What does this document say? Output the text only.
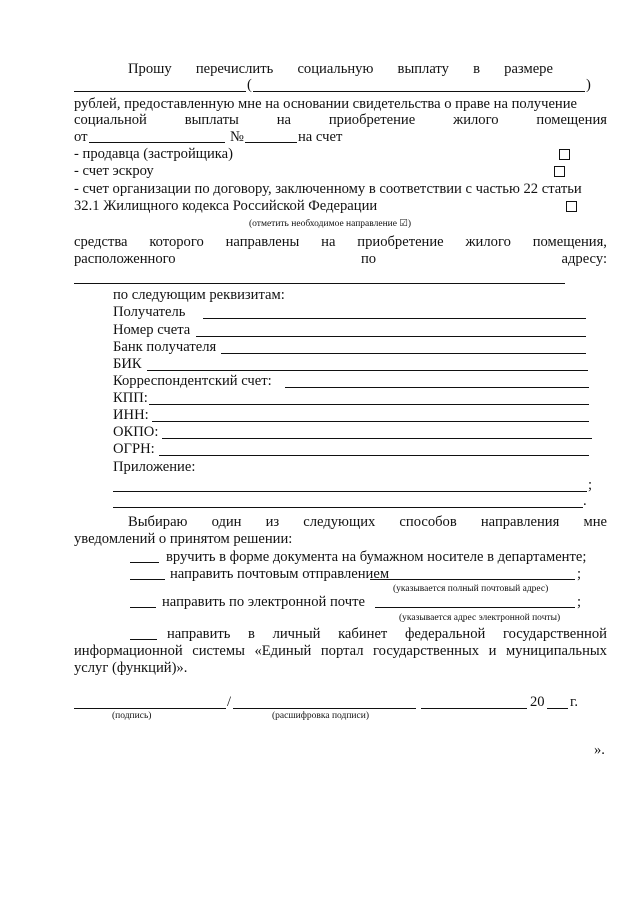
Прошу перечислить социальную выплату в размере
(	)
рублей, предоставленную мне на основании свидетельства о праве на получение
социальной	выплаты	на	приобретение	жилого	помещения
от	№	на счет
- продавца (застройщика)
- счет эскроу
- счет организации по договору, заключенному в соответствии с частью 22 статьи
32.1 Жилищного кодекса Российской Федерации
(отметить необходимое направление ☑)
средства которого направлены на приобретение жилого помещения,
расположенного	по	адресу:
по следующим реквизитам:
Получатель
Номер счета
Банк получателя
БИК
Корреспондентский счет:
КПП:
ИНН:
ОКПО:
ОГРН:
Приложение:
;
.
Выбираю один из следующих способов направления мне
уведомлений о принятом решении:
вручить в форме документа на бумажном носителе в департаменте;
направить почтовым отправлением	;
(указывается полный почтовый адрес)
направить по электронной почте	;
(указывается адрес электронной почты)
направить в личный кабинет федеральной государственной
информационной системы «Единый портал государственных и муниципальных
услуг (функций)».
/	20 г.
(подпись)	(расшифровка подписи)
».
